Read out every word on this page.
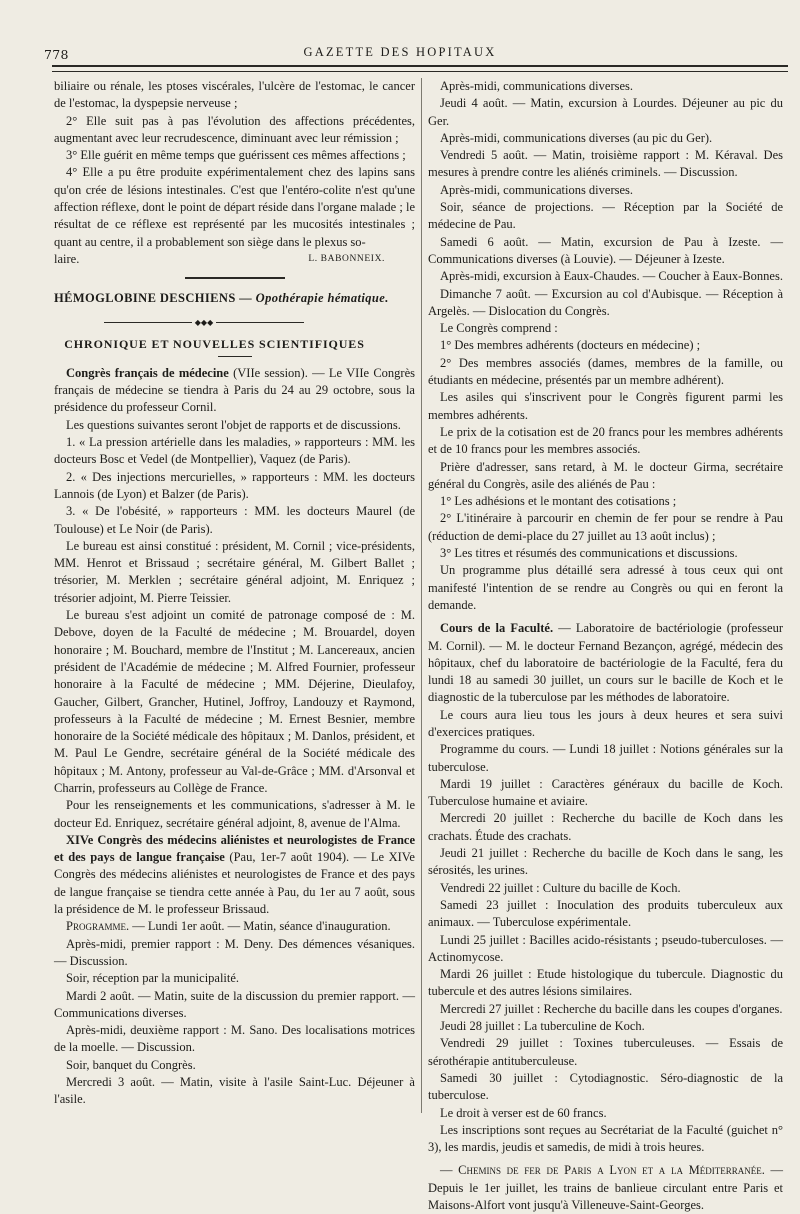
778	GAZETTE DES HOPITAUX

biliaire ou rénale, les ptoses viscérales, l'ulcère de l'estomac, le cancer de l'estomac, la dyspepsie nerveuse ;

2° Elle suit pas à pas l'évolution des affections précédentes, augmentant avec leur recrudescence, diminuant avec leur rémission ;

3° Elle guérit en même temps que guérissent ces mêmes affections ;

4° Elle a pu être produite expérimentalement chez des lapins sans qu'on crée de lésions intestinales. C'est que l'entéro-colite n'est qu'une affection réflexe, dont le point de départ réside dans l'organe malade ; le résultat de ce réflexe est représenté par les mucosités intestinales ; quant au centre, il a probablement son siège dans le plexus so-

laire.	L. BABONNEIX.

HÉMOGLOBINE DESCHIENS — Opothérapie hématique.

◆◆◆
CHRONIQUE ET NOUVELLES SCIENTIFIQUES

Congrès français de médecine (VIIe session). — Le VIIe Congrès français de médecine se tiendra à Paris du 24 au 29 octobre, sous la présidence du professeur Cornil.

Les questions suivantes seront l'objet de rapports et de discussions.

1. « La pression artérielle dans les maladies, » rapporteurs : MM. les docteurs Bosc et Vedel (de Montpellier), Vaquez (de Paris).

2. « Des injections mercurielles, » rapporteurs : MM. les docteurs Lannois (de Lyon) et Balzer (de Paris).

3. « De l'obésité, » rapporteurs : MM. les docteurs Maurel (de Toulouse) et Le Noir (de Paris).

Le bureau est ainsi constitué : président, M. Cornil ; vice-présidents, MM. Henrot et Brissaud ; secrétaire général, M. Gilbert Ballet ; trésorier, M. Merklen ; secrétaire général adjoint, M. Enriquez ; trésorier adjoint, M. Pierre Teissier.

Le bureau s'est adjoint un comité de patronage composé de : M. Debove, doyen de la Faculté de médecine ; M. Brouardel, doyen honoraire ; M. Bouchard, membre de l'Institut ; M. Lancereaux, ancien président de l'Académie de médecine ; M. Alfred Fournier, professeur honoraire à la Faculté de médecine ; MM. Déjerine, Dieulafoy, Gaucher, Gilbert, Grancher, Hutinel, Joffroy, Landouzy et Raymond, professeurs à la Faculté de médecine ; M. Ernest Besnier, membre honoraire de la Société médicale des hôpitaux ; M. Danlos, président, et M. Paul Le Gendre, secrétaire général de la Société médicale des hôpitaux ; M. Antony, professeur au Val-de-Grâce ; MM. d'Arsonval et Charrin, professeurs au Collège de France.

Pour les renseignements et les communications, s'adresser à M. le docteur Ed. Enriquez, secrétaire général adjoint, 8, avenue de l'Alma.

XIVe Congrès des médecins aliénistes et neurologistes de France et des pays de langue française (Pau, 1er-7 août 1904). — Le XIVe Congrès des médecins aliénistes et neurologistes de France et des pays de langue française se tiendra cette année à Pau, du 1er au 7 août, sous la présidence de M. le professeur Brissaud.

Programme. — Lundi 1er août. — Matin, séance d'inauguration.

Après-midi, premier rapport : M. Deny. Des démences vésaniques. — Discussion.

Soir, réception par la municipalité.

Mardi 2 août. — Matin, suite de la discussion du premier rapport. — Communications diverses.

Après-midi, deuxième rapport : M. Sano. Des localisations motrices de la moelle. — Discussion.

Soir, banquet du Congrès.

Mercredi 3 août. — Matin, visite à l'asile Saint-Luc. Déjeuner à l'asile.

Après-midi, communications diverses.

Jeudi 4 août. — Matin, excursion à Lourdes. Déjeuner au pic du Ger.

Après-midi, communications diverses (au pic du Ger).

Vendredi 5 août. — Matin, troisième rapport : M. Kéraval. Des mesures à prendre contre les aliénés criminels. — Discussion.

Après-midi, communications diverses.

Soir, séance de projections. — Réception par la Société de médecine de Pau.

Samedi 6 août. — Matin, excursion de Pau à Izeste. — Communications diverses (à Louvie). — Déjeuner à Izeste.

Après-midi, excursion à Eaux-Chaudes. — Coucher à Eaux-Bonnes.

Dimanche 7 août. — Excursion au col d'Aubisque. — Réception à Argelès. — Dislocation du Congrès.

Le Congrès comprend :

1° Des membres adhérents (docteurs en médecine) ;

2° Des membres associés (dames, membres de la famille, ou étudiants en médecine, présentés par un membre adhérent).

Les asiles qui s'inscrivent pour le Congrès figurent parmi les membres adhérents.

Le prix de la cotisation est de 20 francs pour les membres adhérents et de 10 francs pour les membres associés.

Prière d'adresser, sans retard, à M. le docteur Girma, secrétaire général du Congrès, asile des aliénés de Pau :

1° Les adhésions et le montant des cotisations ;

2° L'itinéraire à parcourir en chemin de fer pour se rendre à Pau (réduction de demi-place du 27 juillet au 13 août inclus) ;

3° Les titres et résumés des communications et discussions.

Un programme plus détaillé sera adressé à tous ceux qui ont manifesté l'intention de se rendre au Congrès ou qui en feront la demande.

Cours de la Faculté. — Laboratoire de bactériologie (professeur M. Cornil). — M. le docteur Fernand Bezançon, agrégé, médecin des hôpitaux, chef du laboratoire de bactériologie de la Faculté, fera du lundi 18 au samedi 30 juillet, un cours sur le bacille de Koch et le diagnostic de la tuberculose par les méthodes de laboratoire.

Le cours aura lieu tous les jours à deux heures et sera suivi d'exercices pratiques.

Programme du cours. — Lundi 18 juillet : Notions générales sur la tuberculose.

Mardi 19 juillet : Caractères généraux du bacille de Koch. Tuberculose humaine et aviaire.

Mercredi 20 juillet : Recherche du bacille de Koch dans les crachats. Étude des crachats.

Jeudi 21 juillet : Recherche du bacille de Koch dans le sang, les sérosités, les urines.

Vendredi 22 juillet : Culture du bacille de Koch.

Samedi 23 juillet : Inoculation des produits tuberculeux aux animaux. — Tuberculose expérimentale.

Lundi 25 juillet : Bacilles acido-résistants ; pseudo-tuberculoses. — Actinomycose.

Mardi 26 juillet : Etude histologique du tubercule. Diagnostic du tubercule et des autres lésions similaires.

Mercredi 27 juillet : Recherche du bacille dans les coupes d'organes.

Jeudi 28 juillet : La tuberculine de Koch.

Vendredi 29 juillet : Toxines tuberculeuses. — Essais de sérothérapie antituberculeuse.

Samedi 30 juillet : Cytodiagnostic. Séro-diagnostic de la tuberculose.

Le droit à verser est de 60 francs.

Les inscriptions sont reçues au Secrétariat de la Faculté (guichet n° 3), les mardis, jeudis et samedis, de midi à trois heures.

— Chemins de fer de Paris a Lyon et a la Méditerranée. — Depuis le 1er juillet, les trains de banlieue circulant entre Paris et Maisons-Alfort vont jusqu'à Villeneuve-Saint-Georges.
